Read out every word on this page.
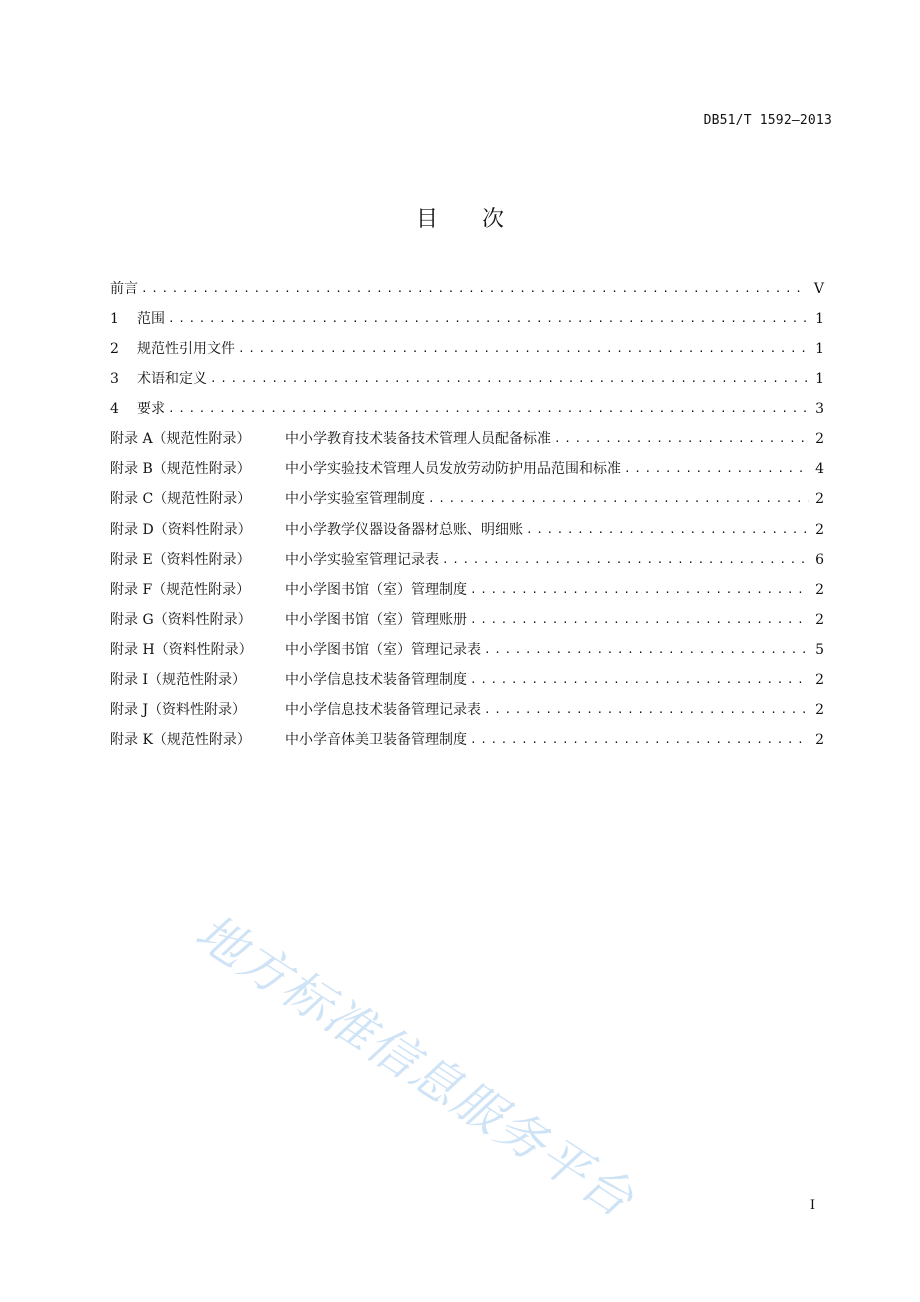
DB51/T 1592—2013
目 次
前言 .....	V
1	范围 .....	1
2	规范性引用文件 .....	1
3	术语和定义 .....	1
4	要求 .....	3
附录 A（规范性附录）	中小学教育技术装备技术管理人员配备标准 .....	2
附录 B（规范性附录）	中小学实验技术管理人员发放劳动防护用品范围和标准 .....	4
附录 C（规范性附录）	中小学实验室管理制度 .....	2
附录 D（资料性附录）	中小学教学仪器设备器材总账、明细账 .....	2
附录 E（资料性附录）	中小学实验室管理记录表 .....	6
附录 F（规范性附录）	中小学图书馆（室）管理制度 .....	2
附录 G（资料性附录）	中小学图书馆（室）管理账册 .....	2
附录 H（资料性附录）	中小学图书馆（室）管理记录表 .....	5
附录 I（规范性附录）	中小学信息技术装备管理制度 .....	2
附录 J（资料性附录）	中小学信息技术装备管理记录表 .....	2
附录 K（规范性附录）	中小学音体美卫装备管理制度 .....	2
地方标准信息服务平台	I
